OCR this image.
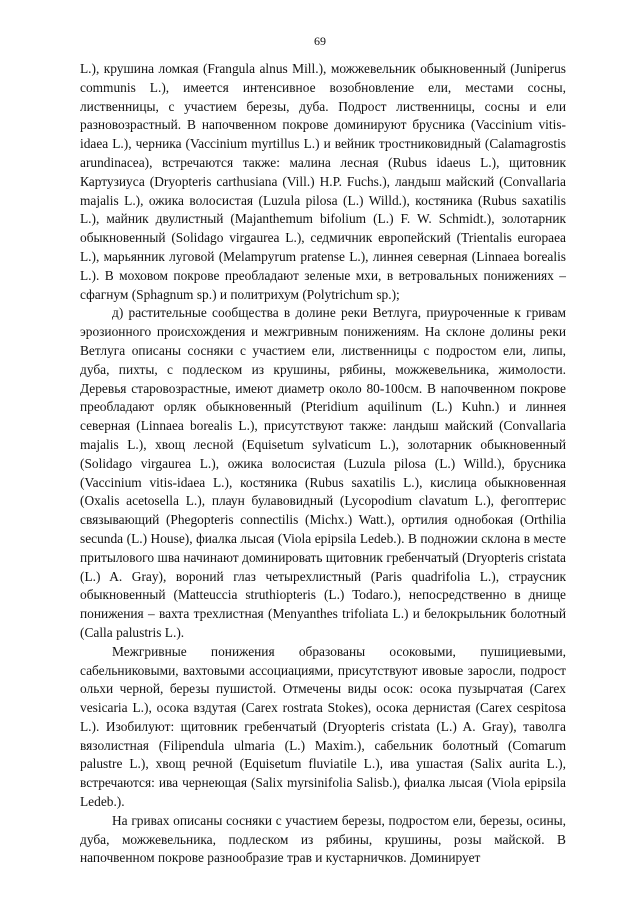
69

L.), крушина ломкая (Frangula alnus Mill.), можжевельник обыкновенный (Juniperus communis L.), имеется интенсивное возобновление ели, местами сосны, лиственницы, с участием березы, дуба. Подрост лиственницы, сосны и ели разновозрастный. В напочвенном покрове доминируют брусника (Vaccinium vitis-idaea L.), черника (Vaccinium myrtillus L.) и вейник тростниковидный (Calamagrostis arundinacea), встречаются также: малина лесная (Rubus idaeus L.), щитовник Картузиуса (Dryopteris carthusiana (Vill.) H.P. Fuchs.), ландыш майский (Convallaria majalis L.), ожика волосистая (Luzula pilosa (L.) Willd.), костяника (Rubus saxatilis L.), майник двулистный (Majanthemum bifolium (L.) F. W. Schmidt.), золотарник обыкновенный (Solidago virgaurea L.), седмичник европейский (Trientalis europaea L.), марьянник луговой (Melampyrum pratense L.), линнея северная (Linnaea borealis L.). В моховом покрове преобладают зеленые мхи, в ветровальных понижениях – сфагнум (Sphagnum sp.) и политрихум (Polytrichum sp.);

д) растительные сообщества в долине реки Ветлуга, приуроченные к гривам эрозионного происхождения и межгривным понижениям. На склоне долины реки Ветлуга описаны сосняки с участием ели, лиственницы с подростом ели, липы, дуба, пихты, с подлеском из крушины, рябины, можжевельника, жимолости. Деревья старовозрастные, имеют диаметр около 80-100см. В напочвенном покрове преобладают орляк обыкновенный (Pteridium aquilinum (L.) Kuhn.) и линнея северная (Linnaea borealis L.), присутствуют также: ландыш майский (Convallaria majalis L.), хвощ лесной (Equisetum sylvaticum L.), золотарник обыкновенный (Solidago virgaurea L.), ожика волосистая (Luzula pilosa (L.) Willd.), брусника (Vaccinium vitis-idaea L.), костяника (Rubus saxatilis L.), кислица обыкновенная (Oxalis acetosella L.), плаун булавовидный (Lycopodium clavatum L.), фегоптерис связывающий (Phegopteris connectilis (Michx.) Watt.), ортилия однобокая (Orthilia secunda (L.) House), фиалка лысая (Viola epipsila Ledeb.). В подножии склона в месте притылового шва начинают доминировать щитовник гребенчатый (Dryopteris cristata (L.) A. Gray), вороний глаз четырехлистный (Paris quadrifolia L.), страусник обыкновенный (Matteuccia struthiopteris (L.) Todaro.), непосредственно в днище понижения – вахта трехлистная (Menyanthes trifoliata L.) и белокрыльник болотный (Calla palustris L.).

Межгривные понижения образованы осоковыми, пушициевыми, сабельниковыми, вахтовыми ассоциациями, присутствуют ивовые заросли, подрост ольхи черной, березы пушистой. Отмечены виды осок: осока пузырчатая (Carex vesicaria L.), осока вздутая (Carex rostrata Stokes), осока дернистая (Carex cespitosa L.). Изобилуют: щитовник гребенчатый (Dryopteris cristata (L.) A. Gray), таволга вязолистная (Filipendula ulmaria (L.) Maxim.), сабельник болотный (Comarum palustre L.), хвощ речной (Equisetum fluviatile L.), ива ушастая (Salix aurita L.), встречаются: ива чернеющая (Salix myrsinifolia Salisb.), фиалка лысая (Viola epipsila Ledeb.).

На гривах описаны сосняки с участием березы, подростом ели, березы, осины, дуба, можжевельника, подлеском из рябины, крушины, розы майской. В напочвенном покрове разнообразие трав и кустарничков. Доминирует
